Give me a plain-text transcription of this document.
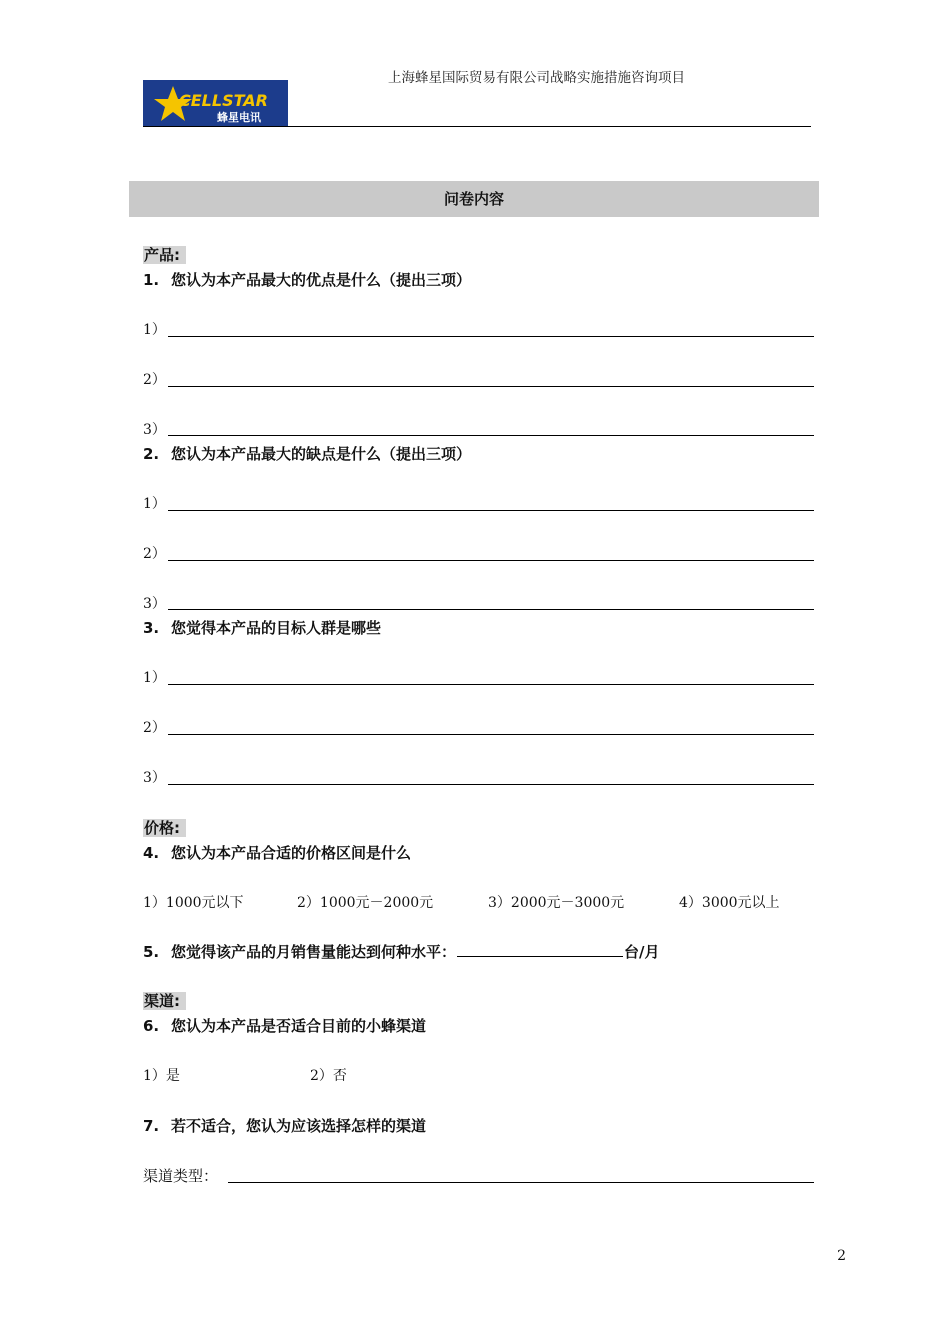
CELLSTAR
蜂星电讯
上海蜂星国际贸易有限公司战略实施措施咨询项目
问卷内容
产品:
1. 您认为本产品最大的优点是什么（提出三项）
1）
2）
3）
2. 您认为本产品最大的缺点是什么（提出三项）
1）
2）
3）
3. 您觉得本产品的目标人群是哪些
1）
2）
3）
价格:
4. 您认为本产品合适的价格区间是什么
1）1000元以下	2）1000元－2000元	3）2000元－3000元	4）3000元以上
5. 您觉得该产品的月销售量能达到何种水平：	台/月
渠道:
6. 您认为本产品是否适合目前的小蜂渠道
1）是	2）否
7. 若不适合，您认为应该选择怎样的渠道
渠道类型：
2
